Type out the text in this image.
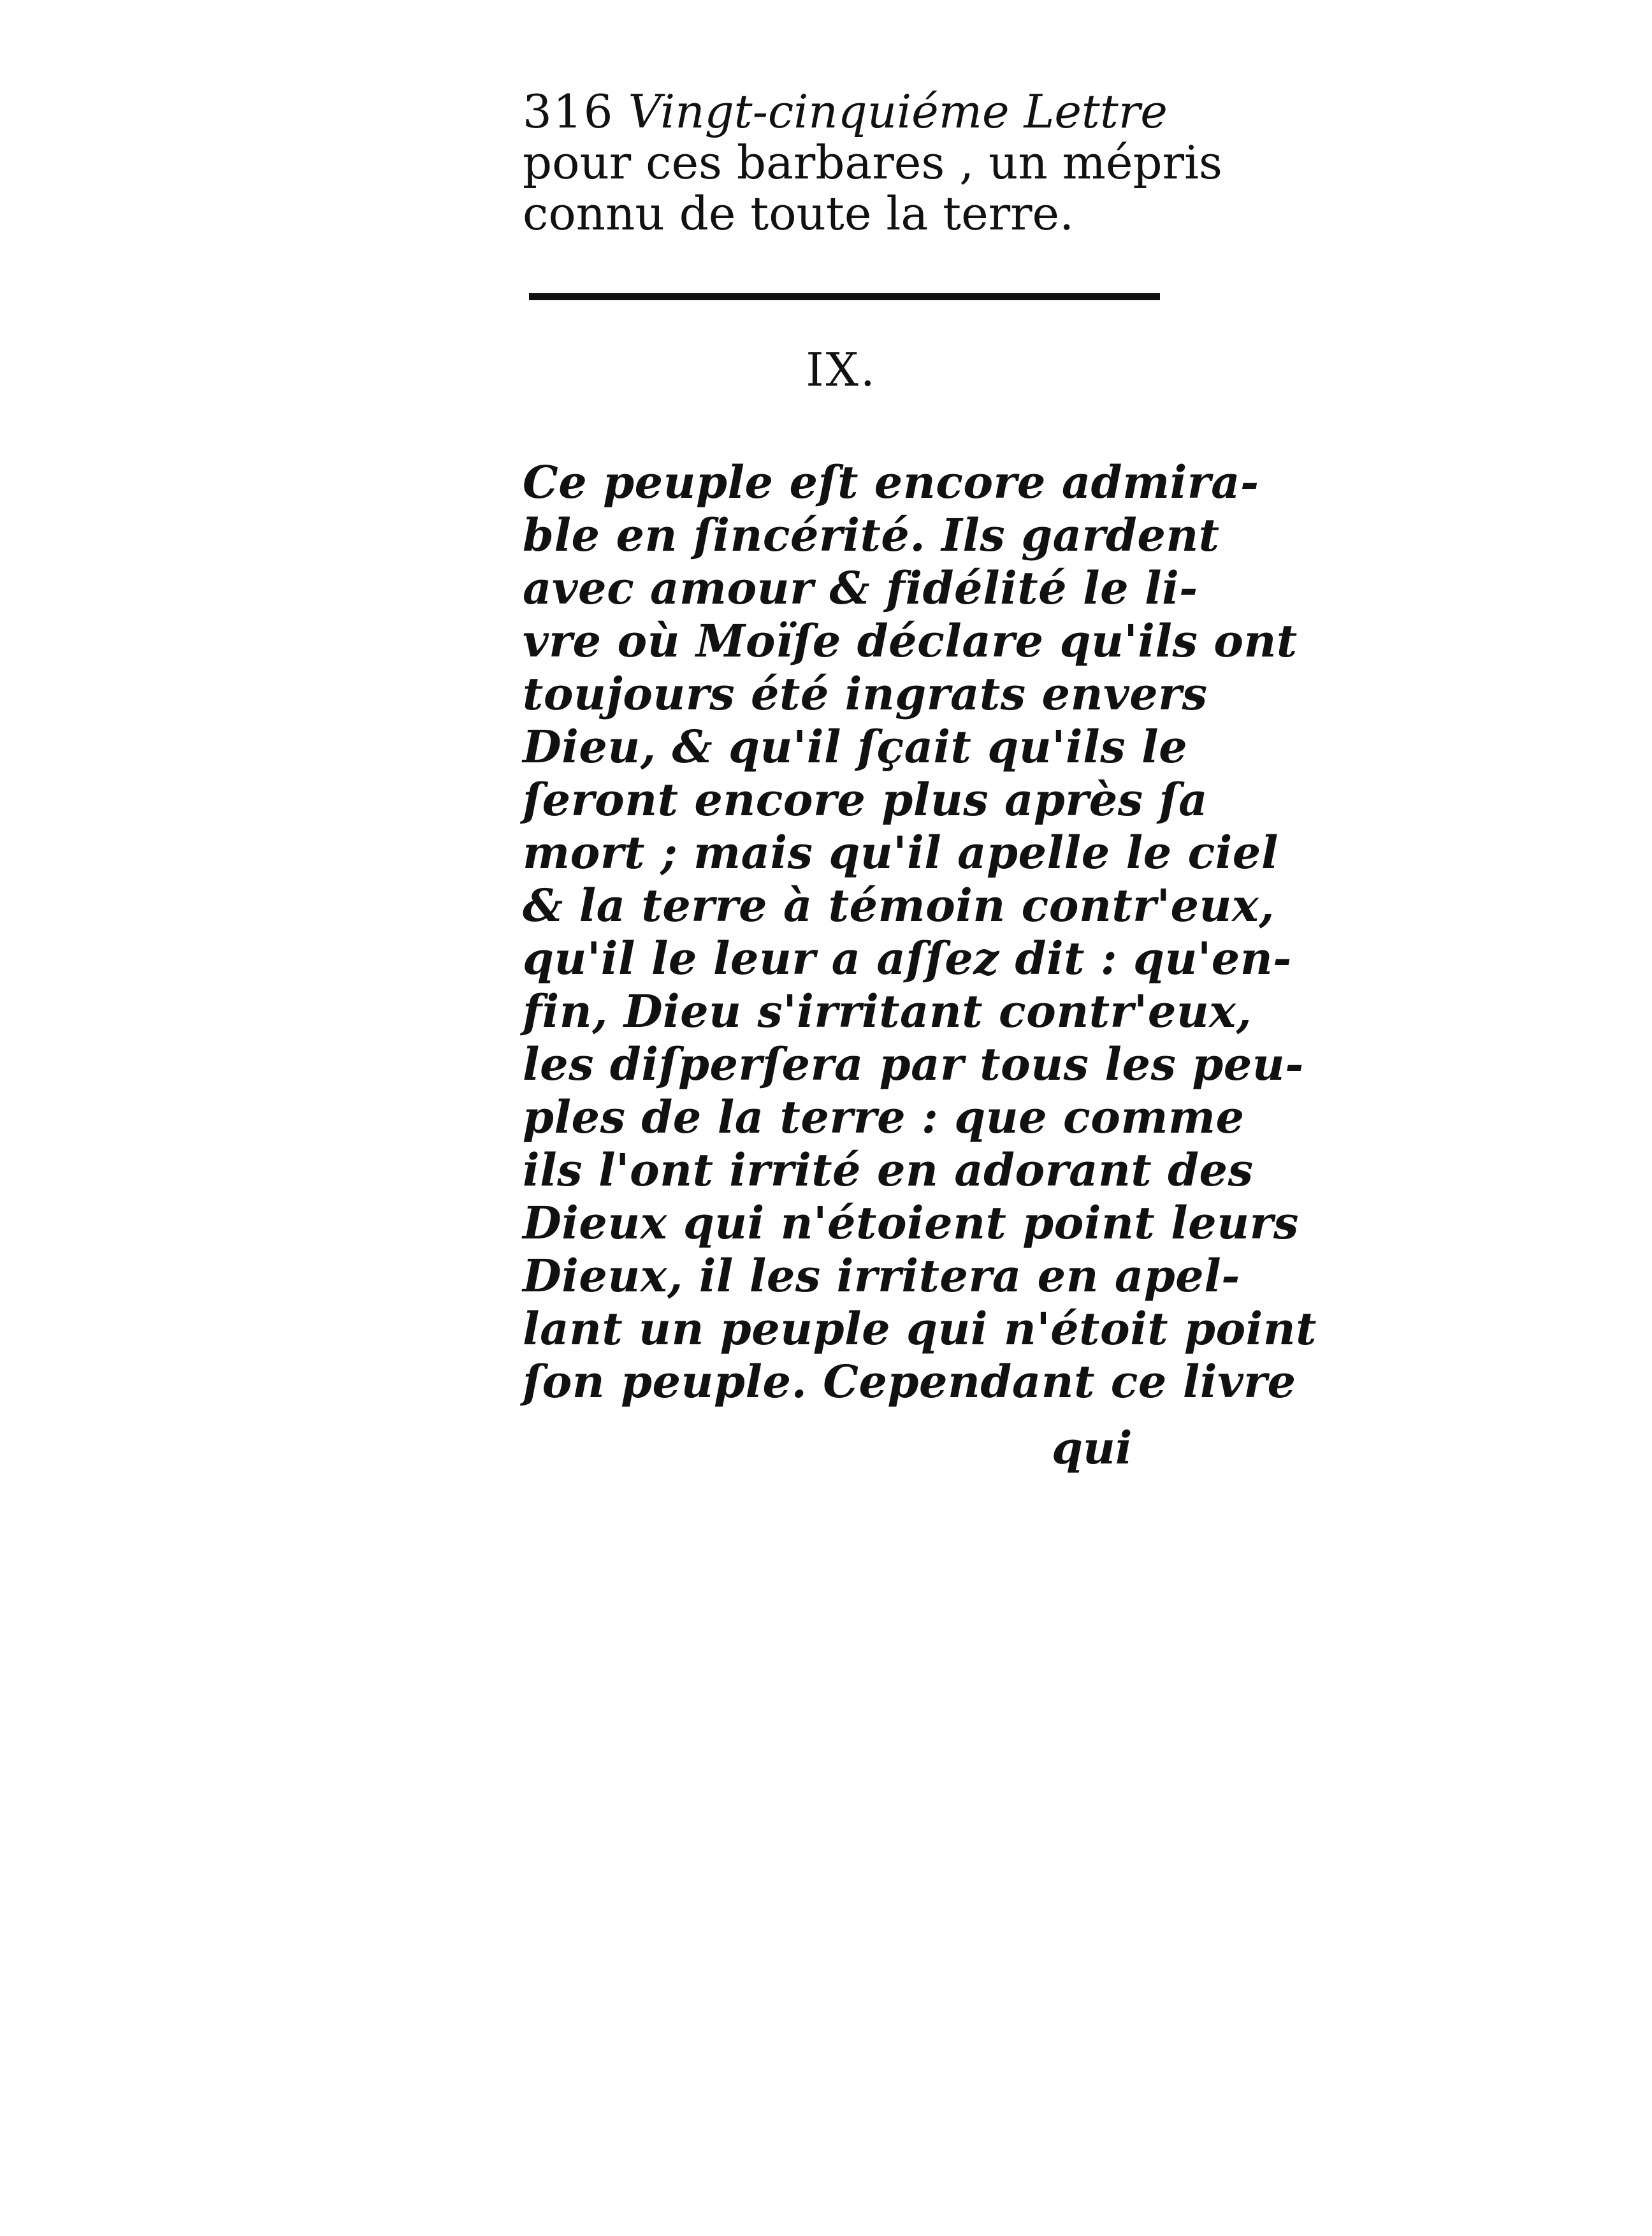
316 Vingt-cinquiéme Lettre
pour ces barbares , un mépris
connu de toute la terre.
IX.
Ce peuple eſt encore admira-
ble en ſincérité. Ils gardent
avec amour & fidélité le li-
vre où Moïſe déclare qu'ils ont
toujours été ingrats envers
Dieu, & qu'il ſçait qu'ils le
ſeront encore plus après ſa
mort ; mais qu'il apelle le ciel
& la terre à témoin contr'eux,
qu'il le leur a aſſez dit : qu'en-
fin, Dieu s'irritant contr'eux,
les diſperſera par tous les peu-
ples de la terre : que comme
ils l'ont irrité en adorant des
Dieux qui n'étoient point leurs
Dieux, il les irritera en apel-
lant un peuple qui n'étoit point
ſon peuple. Cependant ce livre
qui
